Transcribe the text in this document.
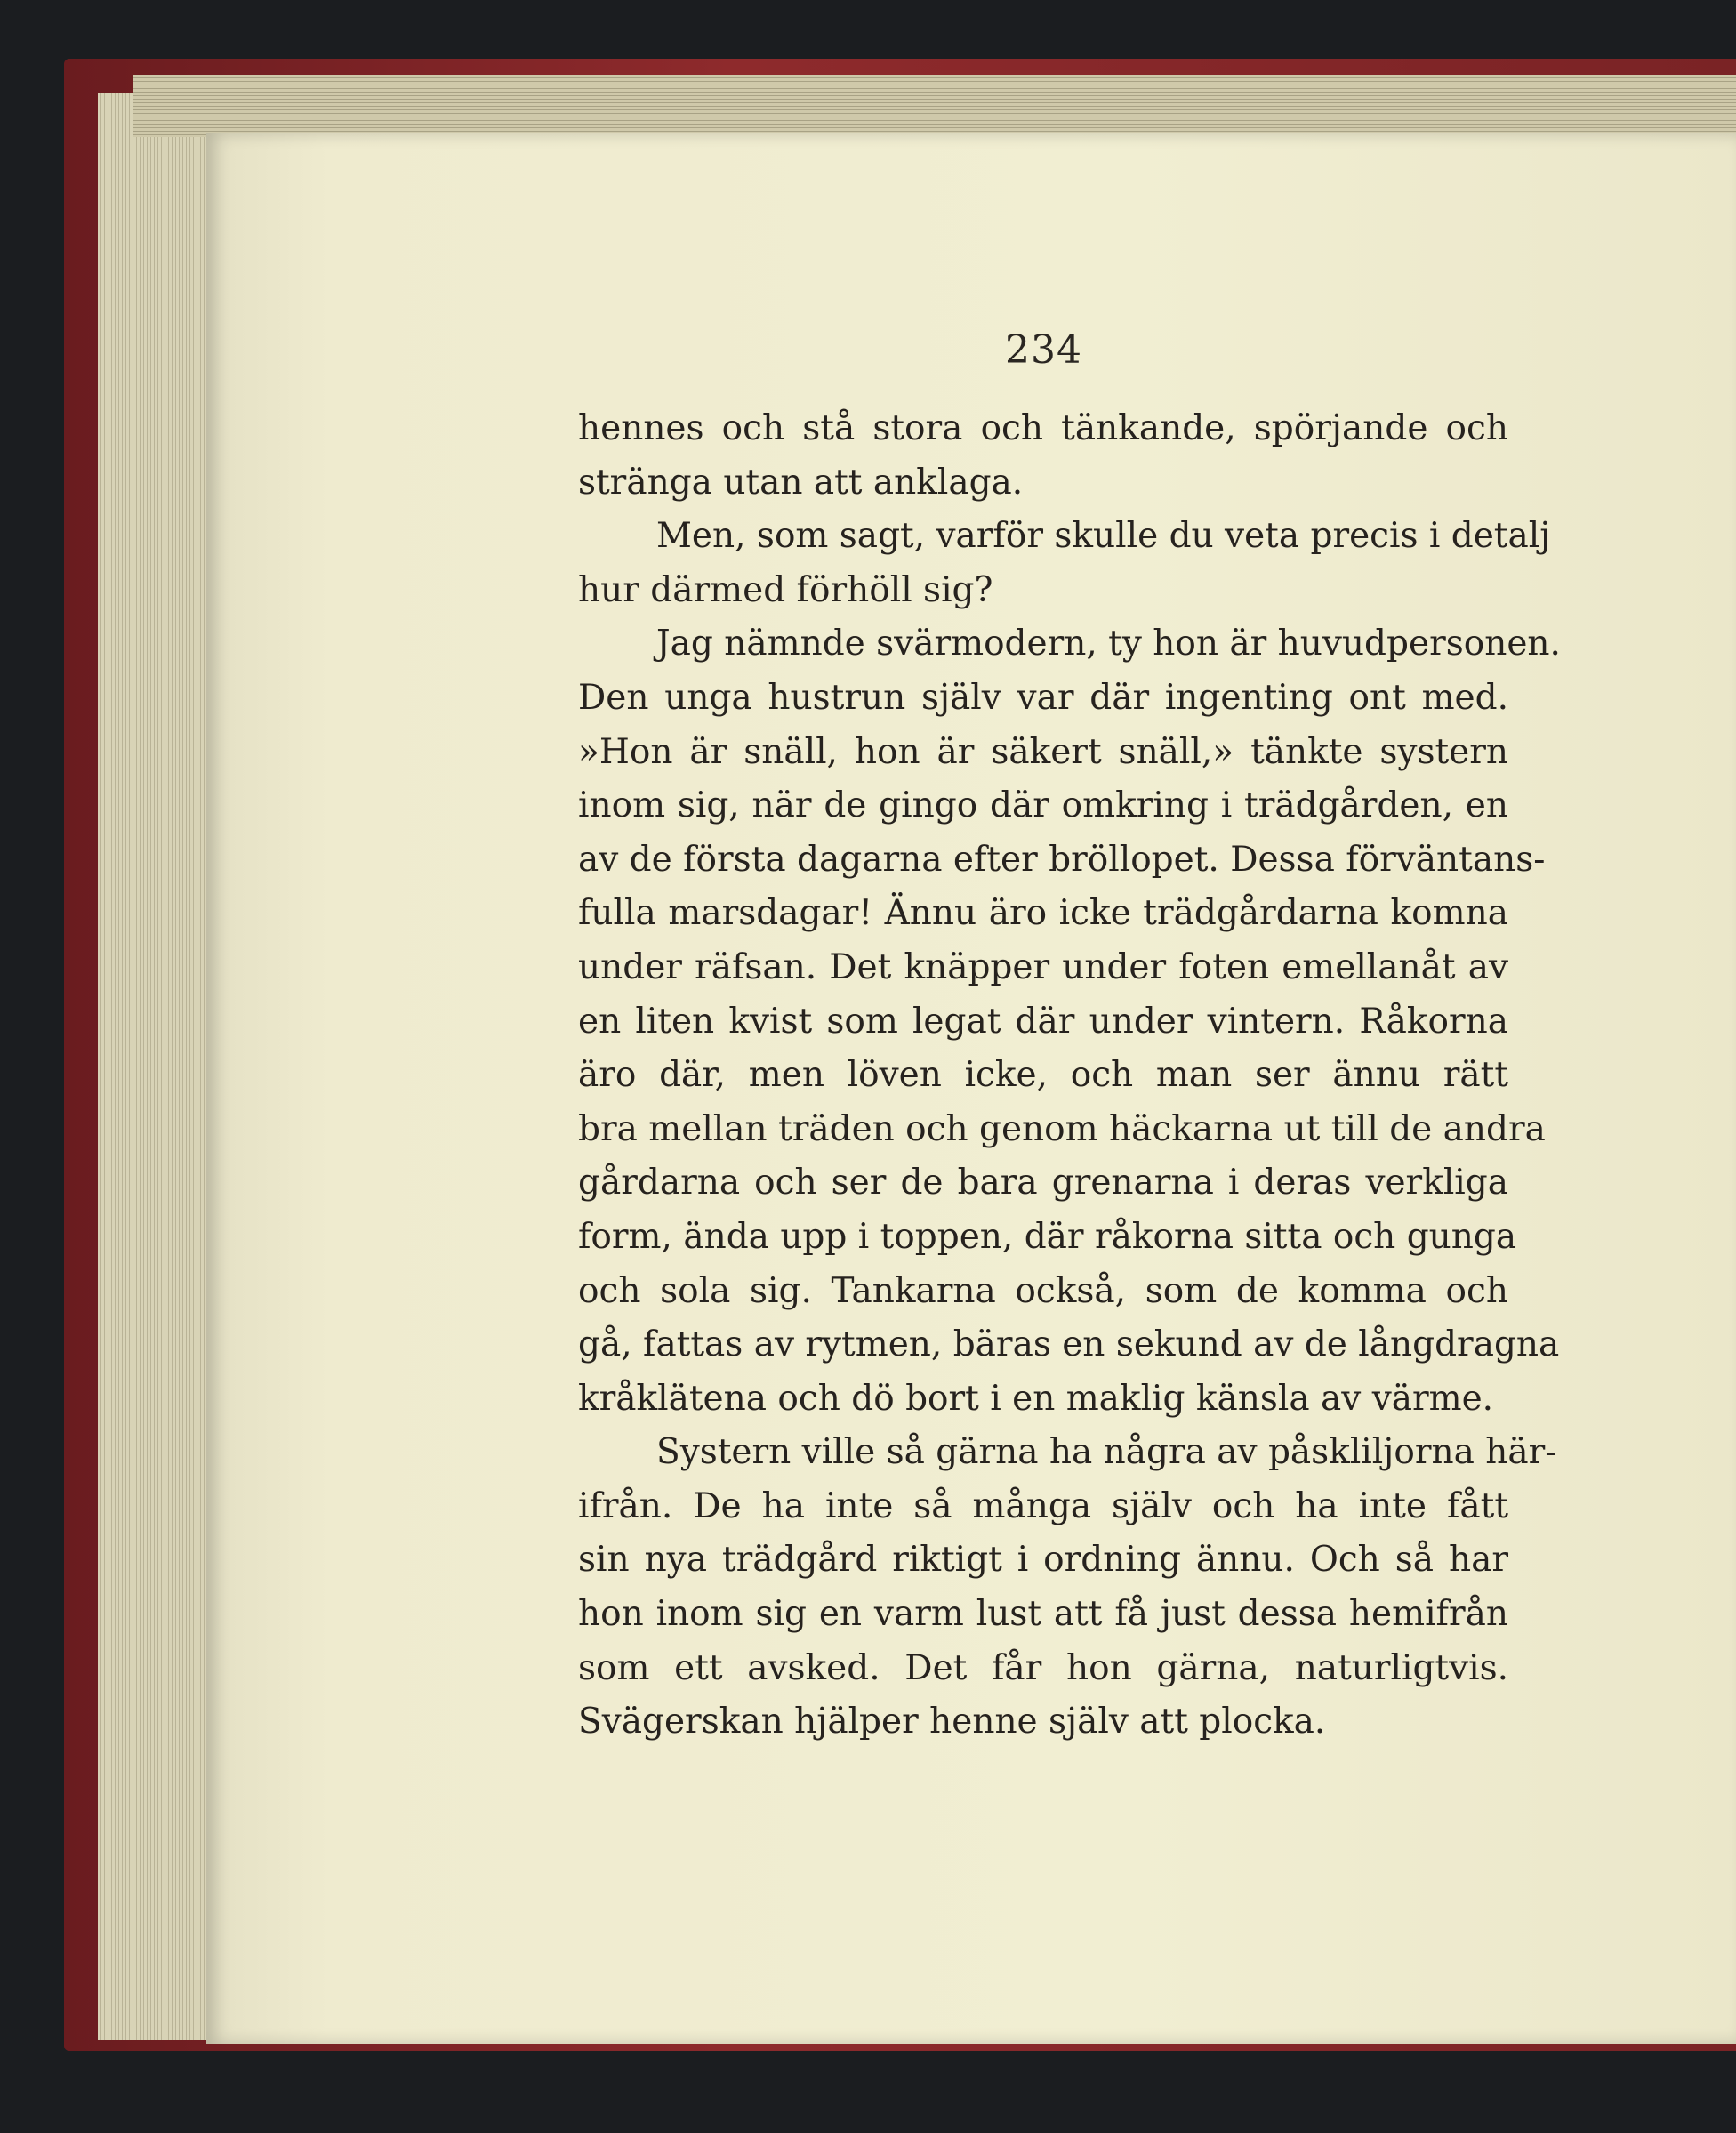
234
hennes och stå stora och tänkande, spörjande och
stränga utan att anklaga.
Men, som sagt, varför skulle du veta precis i detalj
hur därmed förhöll sig?
Jag nämnde svärmodern, ty hon är huvudpersonen.
Den unga hustrun själv var där ingenting ont med.
»Hon är snäll, hon är säkert snäll,» tänkte systern
inom sig, när de gingo där omkring i trädgården, en
av de första dagarna efter bröllopet. Dessa förväntans-
fulla marsdagar! Ännu äro icke trädgårdarna komna
under räfsan. Det knäpper under foten emellanåt av
en liten kvist som legat där under vintern. Råkorna
äro där, men löven icke, och man ser ännu rätt
bra mellan träden och genom häckarna ut till de andra
gårdarna och ser de bara grenarna i deras verkliga
form, ända upp i toppen, där råkorna sitta och gunga
och sola sig. Tankarna också, som de komma och
gå, fattas av rytmen, bäras en sekund av de långdragna
kråklätena och dö bort i en maklig känsla av värme.
Systern ville så gärna ha några av påskliljorna här-
ifrån. De ha inte så många själv och ha inte fått
sin nya trädgård riktigt i ordning ännu. Och så har
hon inom sig en varm lust att få just dessa hemifrån
som ett avsked. Det får hon gärna, naturligtvis.
Svägerskan hjälper henne själv att plocka.
